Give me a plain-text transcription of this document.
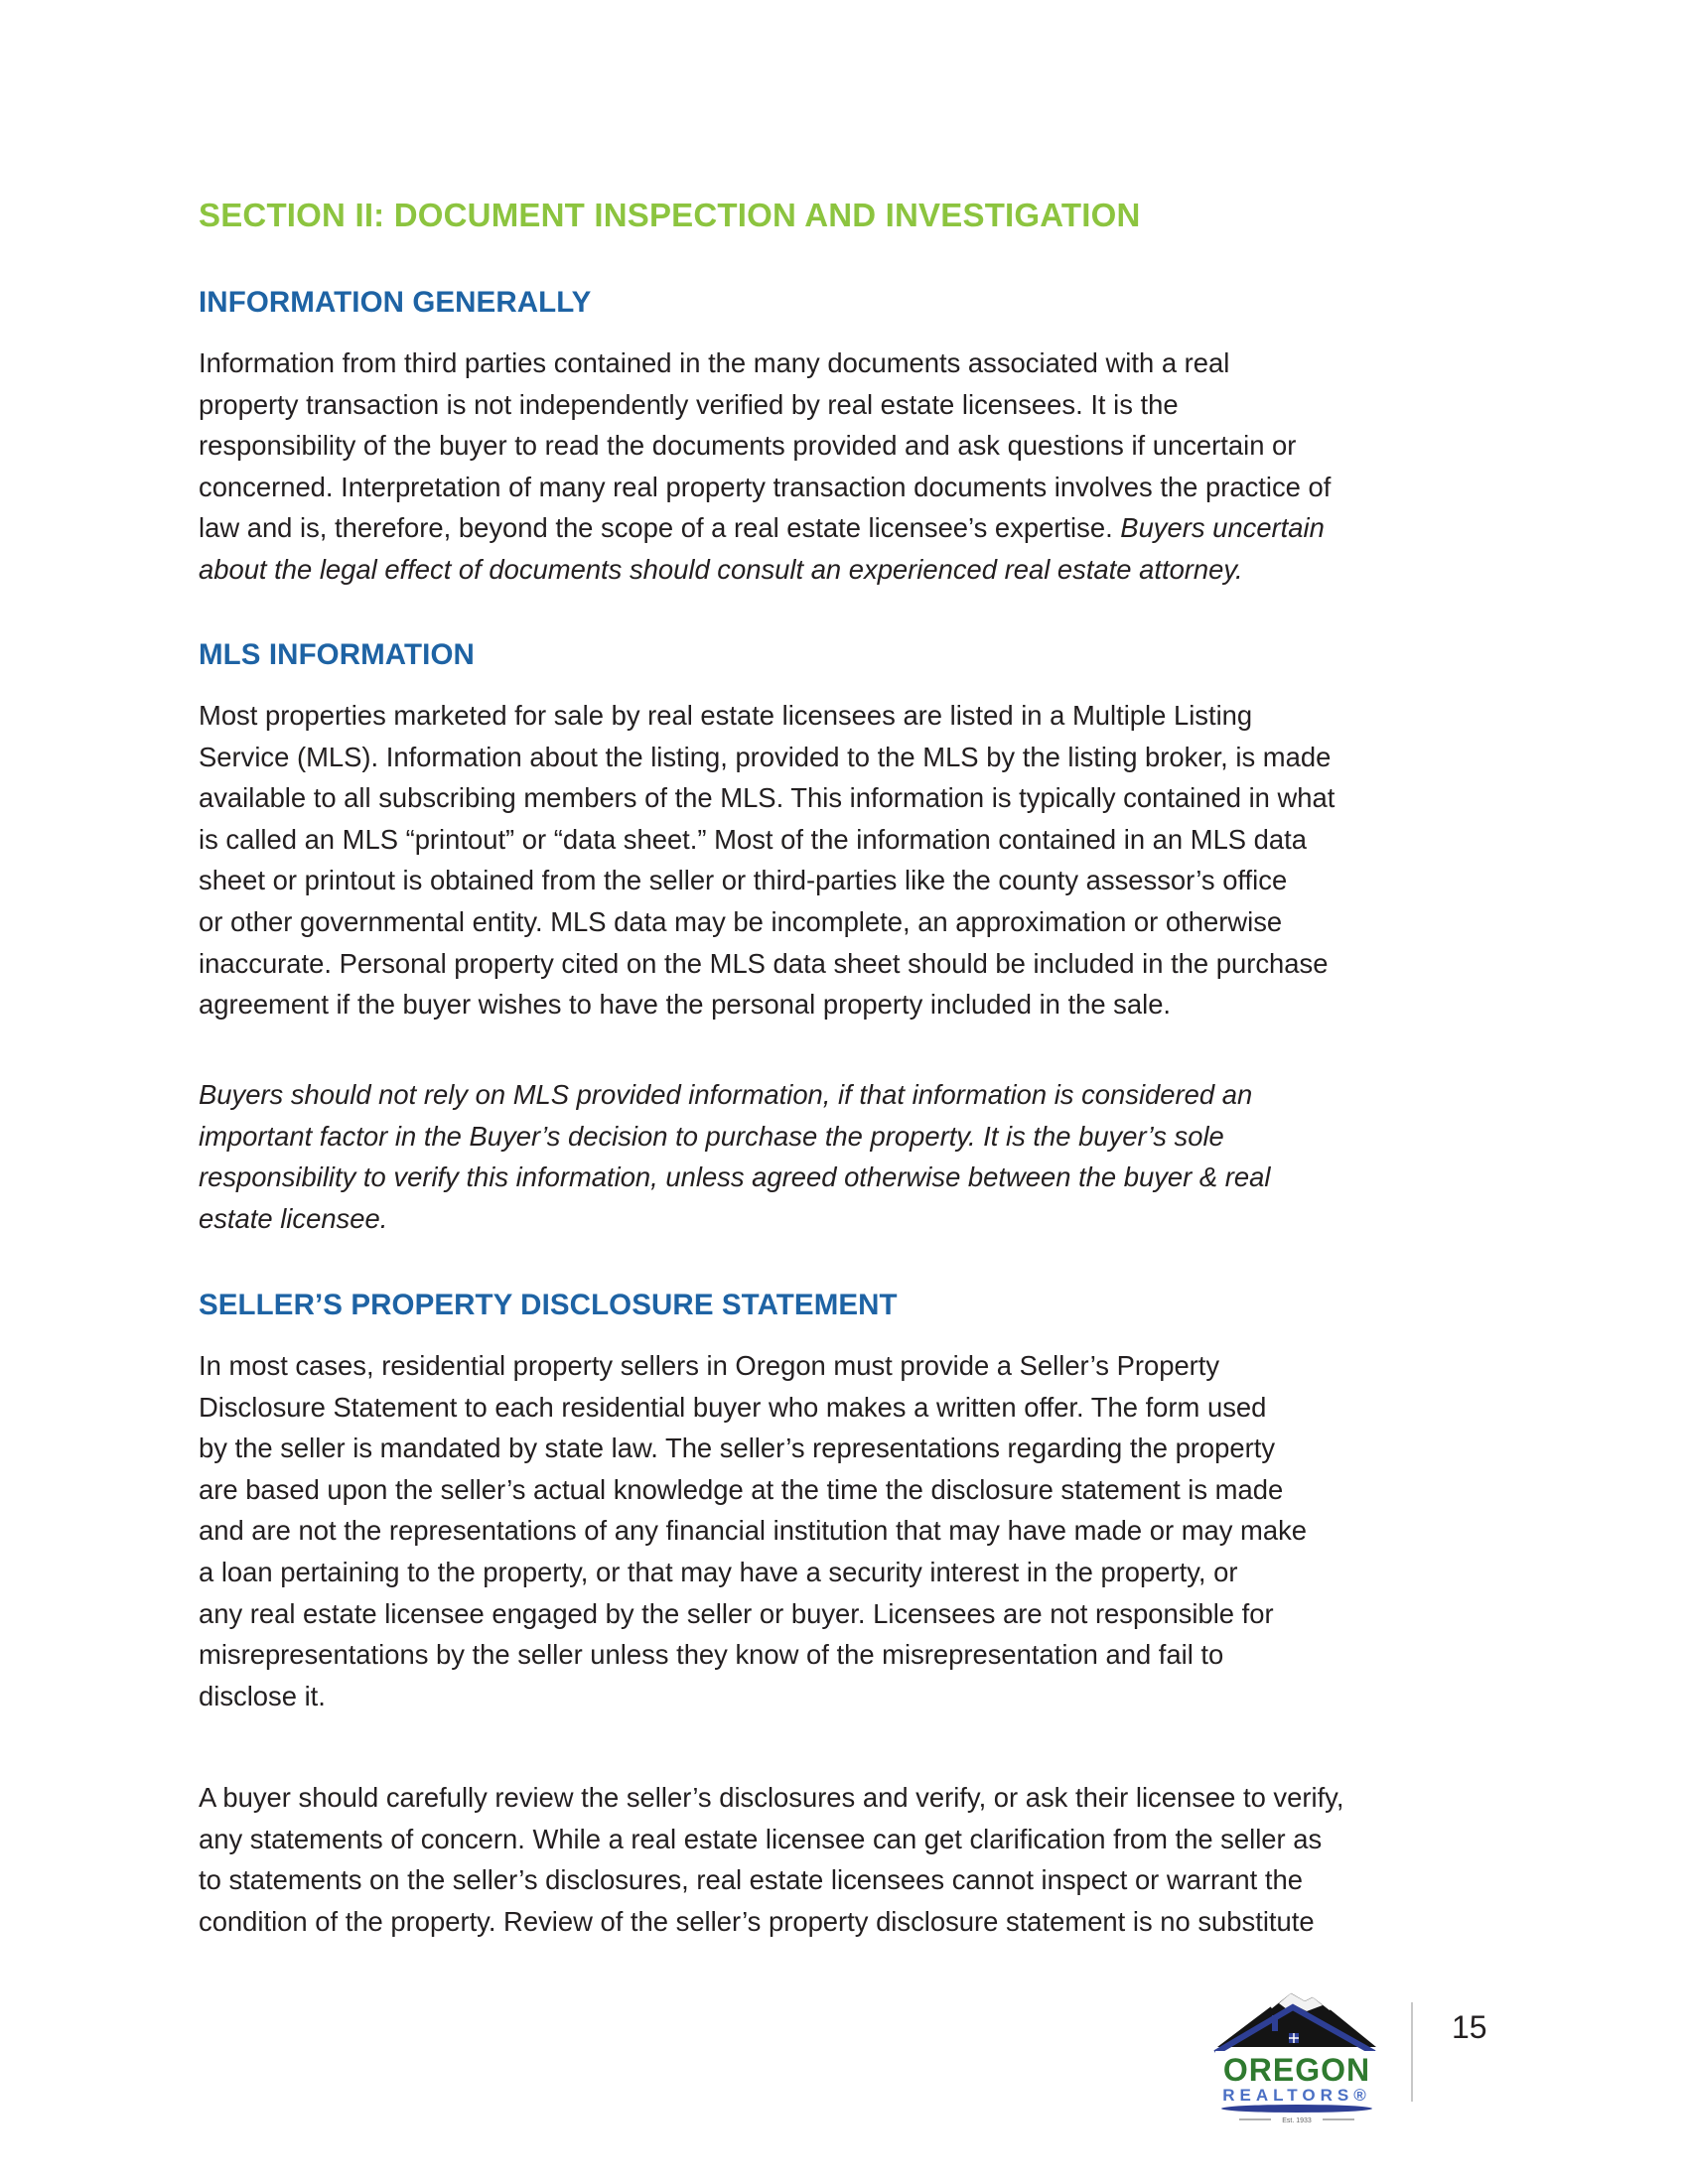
SECTION II: DOCUMENT INSPECTION AND INVESTIGATION
INFORMATION GENERALLY

Information from third parties contained in the many documents associated with a real
property transaction is not independently verified by real estate licensees. It is the
responsibility of the buyer to read the documents provided and ask questions if uncertain or
concerned. Interpretation of many real property transaction documents involves the practice of
law and is, therefore, beyond the scope of a real estate licensee’s expertise. Buyers uncertain
about the legal effect of documents should consult an experienced real estate attorney.

MLS INFORMATION

Most properties marketed for sale by real estate licensees are listed in a Multiple Listing
Service (MLS). Information about the listing, provided to the MLS by the listing broker, is made
available to all subscribing members of the MLS. This information is typically contained in what
is called an MLS “printout” or “data sheet.” Most of the information contained in an MLS data
sheet or printout is obtained from the seller or third-parties like the county assessor’s office
or other governmental entity. MLS data may be incomplete, an approximation or otherwise
inaccurate. Personal property cited on the MLS data sheet should be included in the purchase
agreement if the buyer wishes to have the personal property included in the sale.

Buyers should not rely on MLS provided information, if that information is considered an
important factor in the Buyer’s decision to purchase the property. It is the buyer’s sole
responsibility to verify this information, unless agreed otherwise between the buyer & real
estate licensee.

SELLER’S PROPERTY DISCLOSURE STATEMENT

In most cases, residential property sellers in Oregon must provide a Seller’s Property
Disclosure Statement to each residential buyer who makes a written offer. The form used
by the seller is mandated by state law. The seller’s representations regarding the property
are based upon the seller’s actual knowledge at the time the disclosure statement is made
and are not the representations of any financial institution that may have made or may make
a loan pertaining to the property, or that may have a security interest in the property, or
any real estate licensee engaged by the seller or buyer. Licensees are not responsible for
misrepresentations by the seller unless they know of the misrepresentation and fail to
disclose it.

A buyer should carefully review the seller’s disclosures and verify, or ask their licensee to verify,
any statements of concern. While a real estate licensee can get clarification from the seller as
to statements on the seller’s disclosures, real estate licensees cannot inspect or warrant the
condition of the property. Review of the seller’s property disclosure statement is no substitute

OREGON
REALTORS®
Est. 1933
15
